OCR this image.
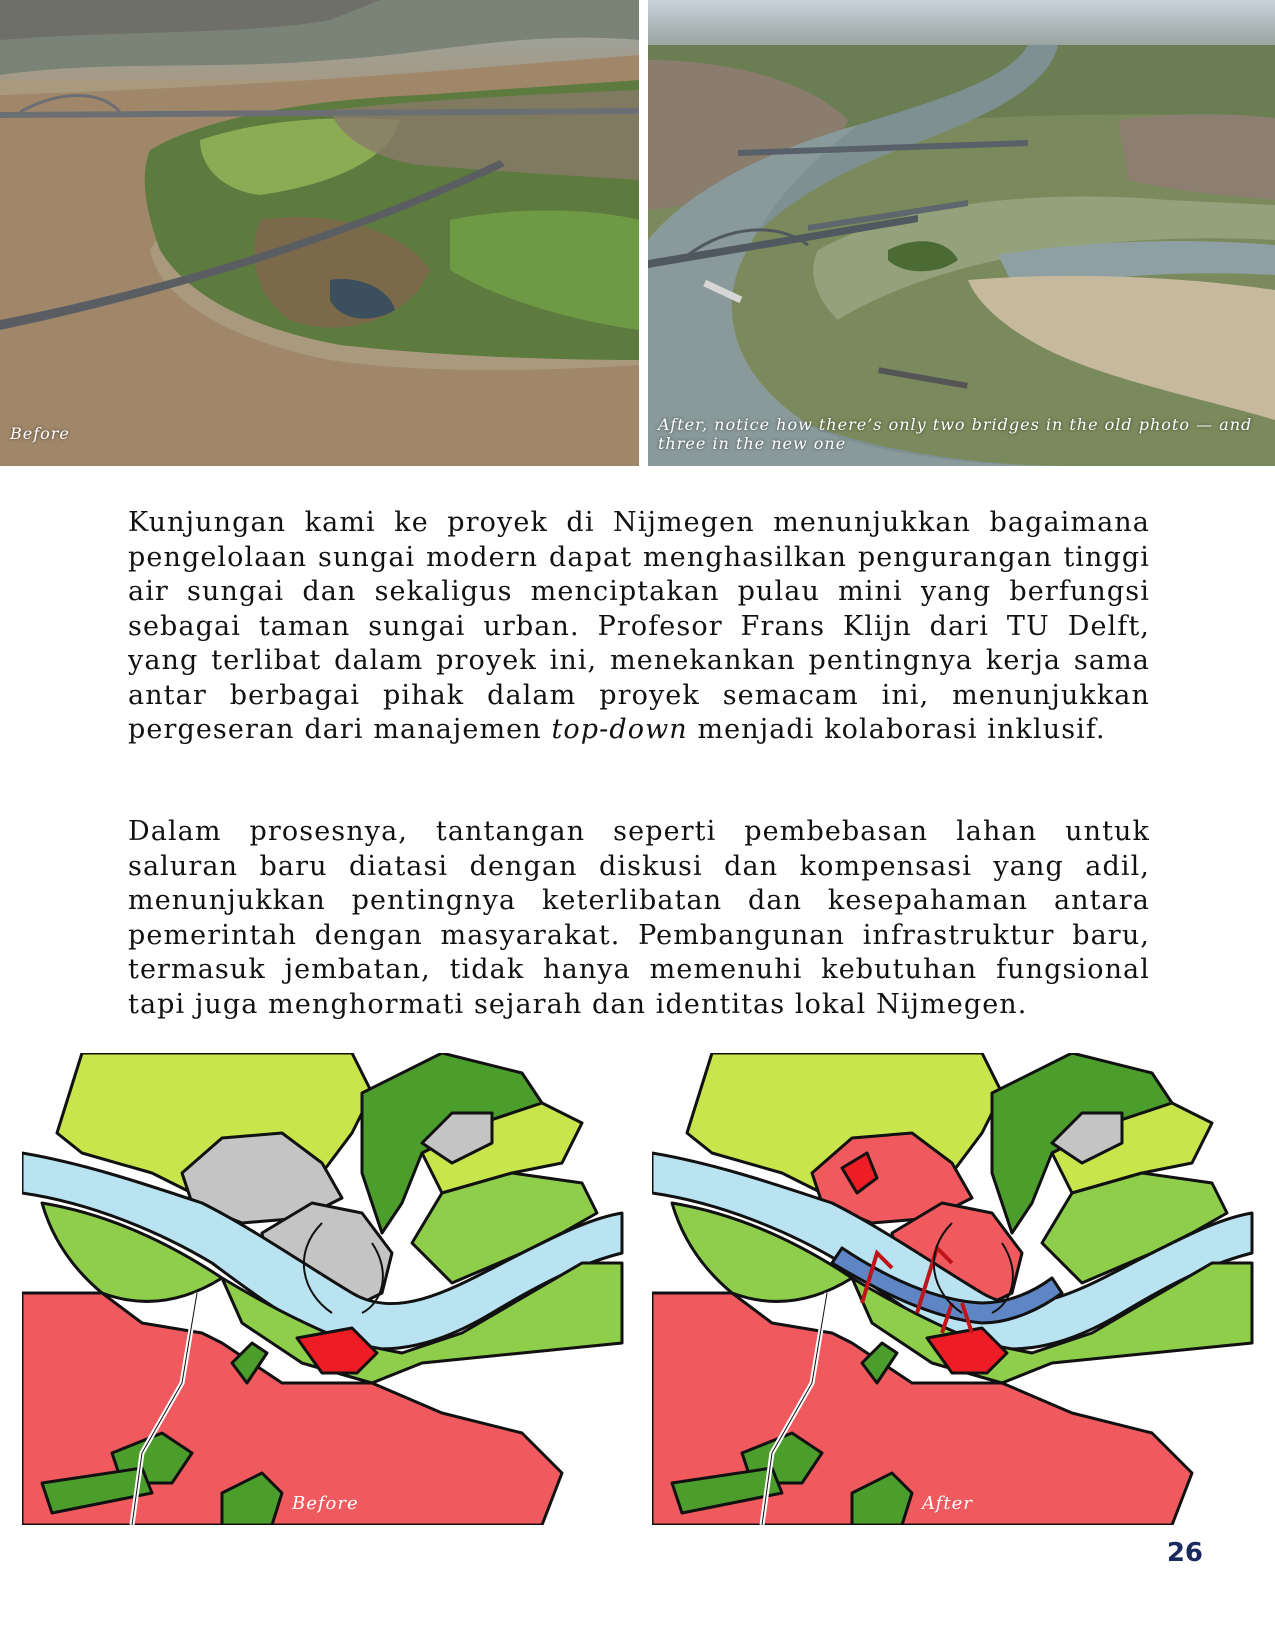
Before	After, notice how there’s only two bridges in the old photo — and three in the new one

Kunjungan kami ke proyek di Nijmegen menunjukkan bagaimana pengelolaan sungai modern dapat menghasilkan pengurangan tinggi air sungai dan sekaligus menciptakan pulau mini yang berfungsi sebagai taman sungai urban. Profesor Frans Klijn dari TU Delft, yang terlibat dalam proyek ini, menekankan pentingnya kerja sama antar berbagai pihak dalam proyek semacam ini, menunjukkan pergeseran dari manajemen top-down menjadi kolaborasi inklusif.

Dalam prosesnya, tantangan seperti pembebasan lahan untuk saluran baru diatasi dengan diskusi dan kompensasi yang adil, menunjukkan pentingnya keterlibatan dan kesepahaman antara pemerintah dengan masyarakat. Pembangunan infrastruktur baru, termasuk jembatan, tidak hanya memenuhi kebutuhan fungsional tapi juga menghormati sejarah dan identitas lokal Nijmegen.

Before	After
26
